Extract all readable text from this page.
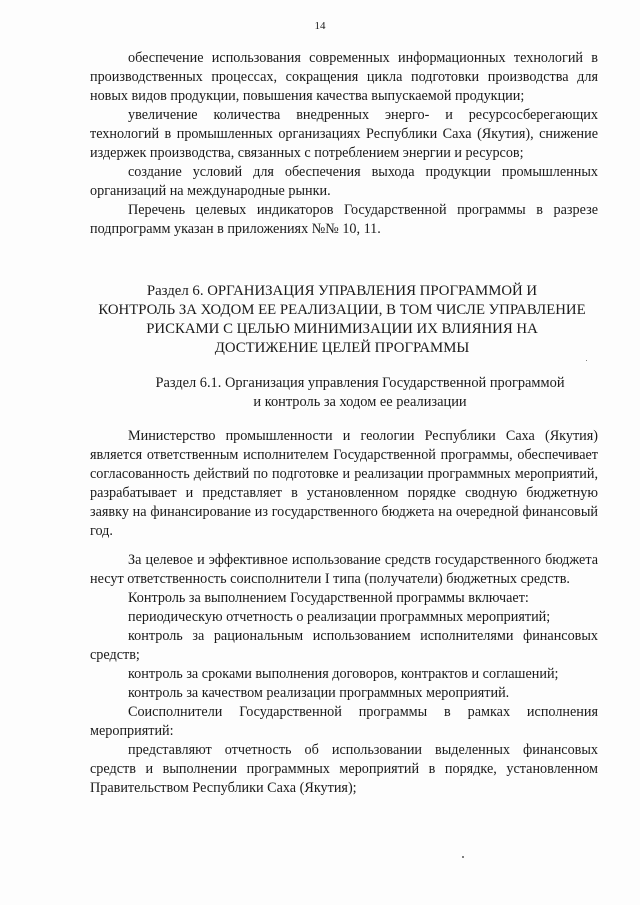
14

обеспечение использования современных информационных технологий в производственных процессах, сокращения цикла подготовки производства для новых видов продукции, повышения качества выпускаемой продукции;

увеличение количества внедренных энерго- и ресурсосберегающих технологий в промышленных организациях Республики Саха (Якутия), снижение издержек производства, связанных с потреблением энергии и ресурсов;

создание условий для обеспечения выхода продукции промышленных организаций на международные рынки.

Перечень целевых индикаторов Государственной программы в разрезе подпрограмм указан в приложениях №№ 10, 11.

Раздел 6. ОРГАНИЗАЦИЯ УПРАВЛЕНИЯ ПРОГРАММОЙ И
КОНТРОЛЬ ЗА ХОДОМ ЕЕ РЕАЛИЗАЦИИ, В ТОМ ЧИСЛЕ УПРАВЛЕНИЕ
РИСКАМИ С ЦЕЛЬЮ МИНИМИЗАЦИИ ИХ ВЛИЯНИЯ НА
ДОСТИЖЕНИЕ ЦЕЛЕЙ ПРОГРАММЫ
Раздел 6.1. Организация управления Государственной программой
и контроль за ходом ее реализации

Министерство промышленности и геологии Республики Саха (Якутия) является ответственным исполнителем Государственной программы, обеспечивает согласованность действий по подготовке и реализации программных мероприятий, разрабатывает и представляет в установленном порядке сводную бюджетную заявку на финансирование из государственного бюджета на очередной финансовый год.

За целевое и эффективное использование средств государственного бюджета несут ответственность соисполнители I типа (получатели) бюджетных средств.

Контроль за выполнением Государственной программы включает:

периодическую отчетность о реализации программных мероприятий;

контроль за рациональным использованием исполнителями финансовых средств;

контроль за сроками выполнения договоров, контрактов и соглашений;

контроль за качеством реализации программных мероприятий.

Соисполнители Государственной программы в рамках исполнения мероприятий:

представляют отчетность об использовании выделенных финансовых средств и выполнении программных мероприятий в порядке, установленном Правительством Республики Саха (Якутия);
